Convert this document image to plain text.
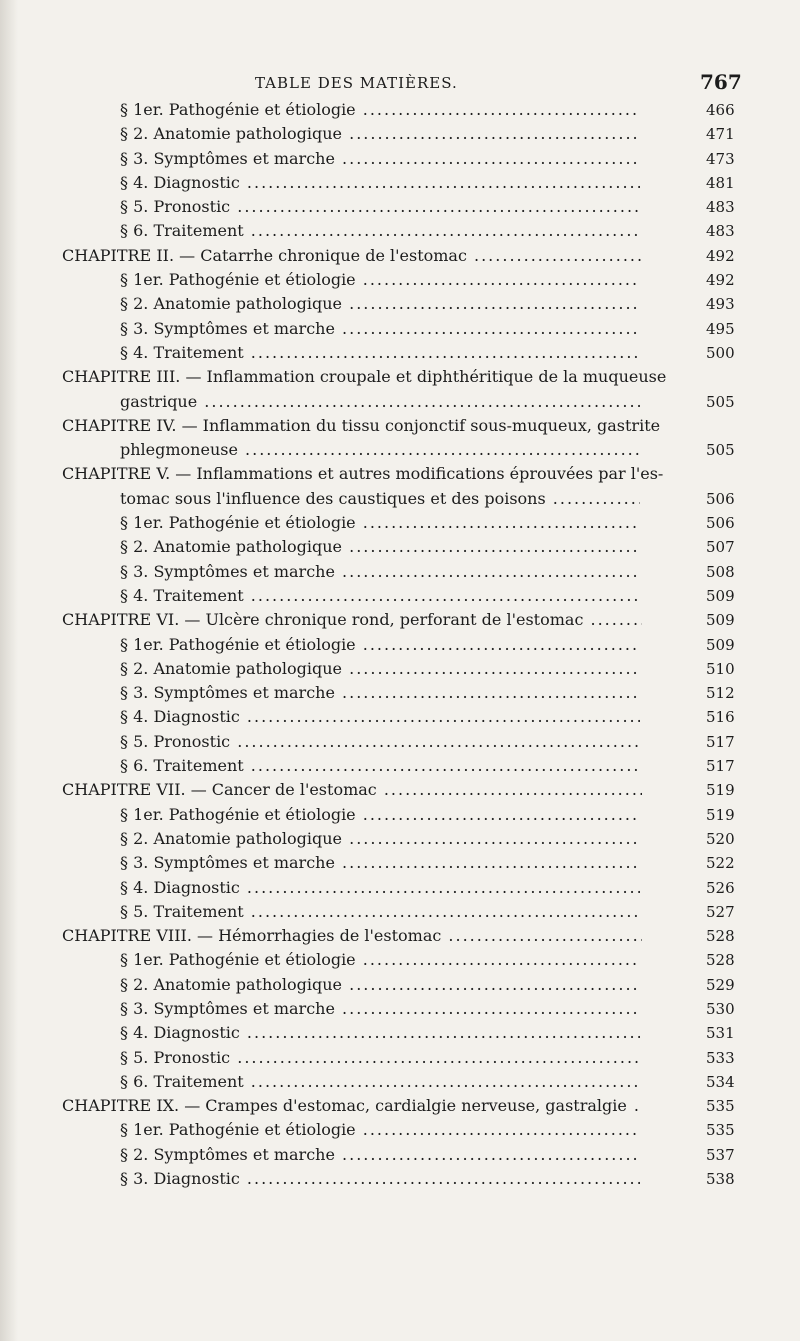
TABLE DES MATIÈRES.	767
§ 1er. Pathogénie et étiologie .....	466
§ 2. Anatomie pathologique .....	471
§ 3. Symptômes et marche .....	473
§ 4. Diagnostic .....	481
§ 5. Pronostic .....	483
§ 6. Traitement .....	483
CHAPITRE II. — Catarrhe chronique de l'estomac .....	492
§ 1er. Pathogénie et étiologie .....	492
§ 2. Anatomie pathologique .....	493
§ 3. Symptômes et marche .....	495
§ 4. Traitement .....	500
CHAPITRE III. — Inflammation croupale et diphthéritique de la muqueuse
gastrique .....	505
CHAPITRE IV. — Inflammation du tissu conjonctif sous-muqueux, gastrite
phlegmoneuse .....	505
CHAPITRE V. — Inflammations et autres modifications éprouvées par l'es-
tomac sous l'influence des caustiques et des poisons .....	506
§ 1er. Pathogénie et étiologie .....	506
§ 2. Anatomie pathologique .....	507
§ 3. Symptômes et marche .....	508
§ 4. Traitement .....	509
CHAPITRE VI. — Ulcère chronique rond, perforant de l'estomac .....	509
§ 1er. Pathogénie et étiologie .....	509
§ 2. Anatomie pathologique .....	510
§ 3. Symptômes et marche .....	512
§ 4. Diagnostic .....	516
§ 5. Pronostic .....	517
§ 6. Traitement .....	517
CHAPITRE VII. — Cancer de l'estomac .....	519
§ 1er. Pathogénie et étiologie .....	519
§ 2. Anatomie pathologique .....	520
§ 3. Symptômes et marche .....	522
§ 4. Diagnostic .....	526
§ 5. Traitement .....	527
CHAPITRE VIII. — Hémorrhagies de l'estomac .....	528
§ 1er. Pathogénie et étiologie .....	528
§ 2. Anatomie pathologique .....	529
§ 3. Symptômes et marche .....	530
§ 4. Diagnostic .....	531
§ 5. Pronostic .....	533
§ 6. Traitement .....	534
CHAPITRE IX. — Crampes d'estomac, cardialgie nerveuse, gastralgie .....	535
§ 1er. Pathogénie et étiologie .....	535
§ 2. Symptômes et marche .....	537
§ 3. Diagnostic .....	538
